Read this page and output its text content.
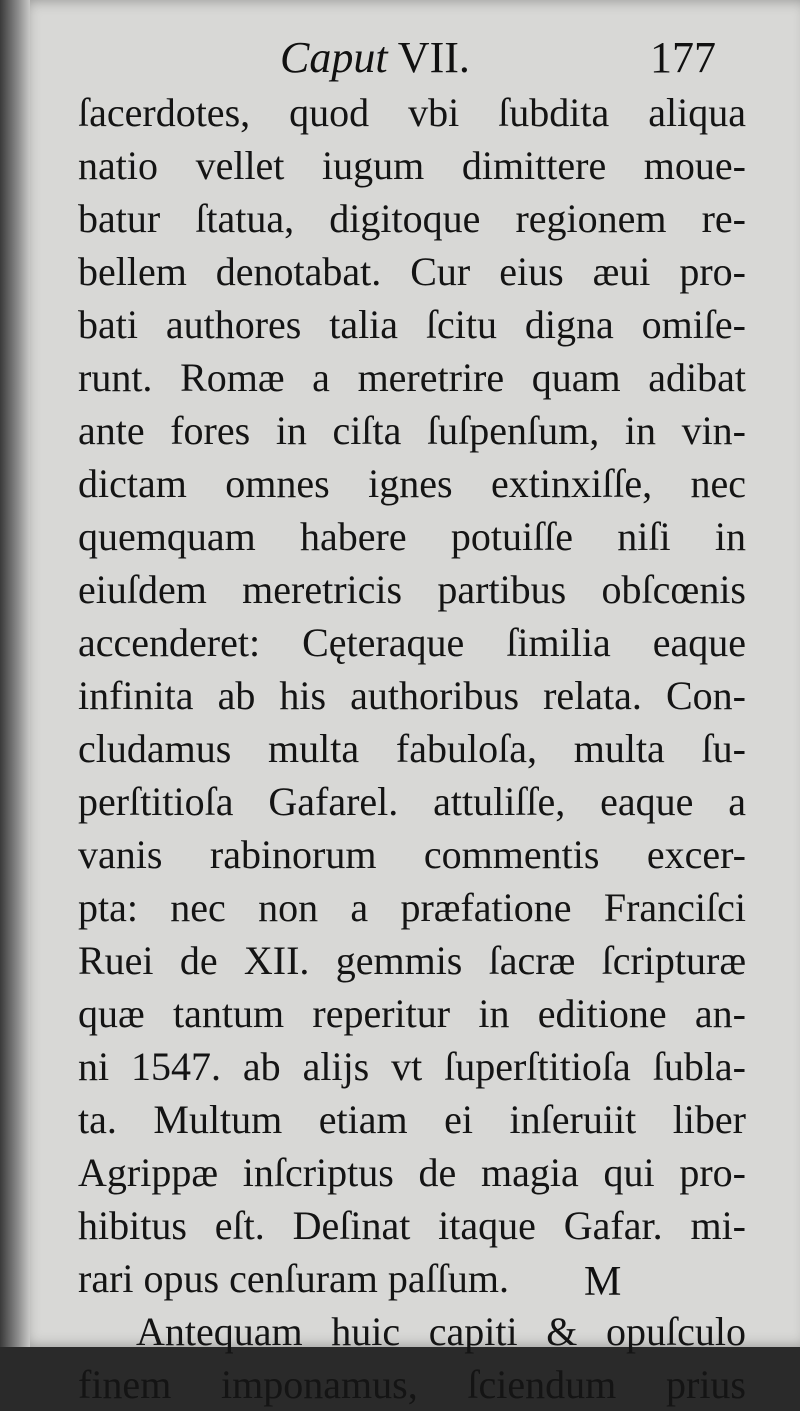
Caput VII.	177
ſacerdotes, quod vbi ſubdita aliqua
natio vellet iugum dimittere moue-
batur ſtatua, digitoque regionem re-
bellem denotabat. Cur eius æui pro-
bati authores talia ſcitu digna omiſe-
runt. Romæ a meretrire quam adibat
ante fores in ciſta ſuſpenſum, in vin-
dictam omnes ignes extinxiſſe, nec
quemquam habere potuiſſe niſi in
eiuſdem meretricis partibus obſcœnis
accenderet: Cęteraque ſimilia eaque
infinita ab his authoribus relata. Con-
cludamus multa fabuloſa, multa ſu-
perſtitioſa Gafarel. attuliſſe, eaque a
vanis rabinorum commentis excer-
pta: nec non a præfatione Franciſci
Ruei de XII. gemmis ſacræ ſcripturæ
quæ tantum reperitur in editione an-
ni 1547. ab alijs vt ſuperſtitioſa ſubla-
ta. Multum etiam ei inſeruiit liber
Agrippæ inſcriptus de magia qui pro-
hibitus eſt. Deſinat itaque Gafar. mi-
rari opus cenſuram paſſum.
Antequam huic capiti & opuſculo
finem imponamus, ſciendum prius
M
